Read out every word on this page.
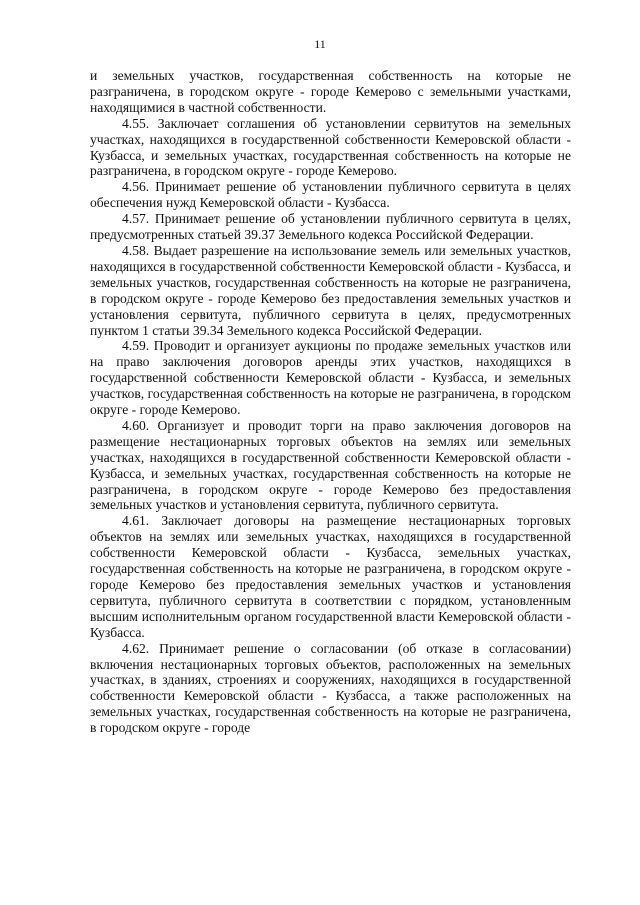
11

и земельных участков, государственная собственность на которые не разграничена, в городском округе - городе Кемерово с земельными участками, находящимися в частной собственности.

4.55. Заключает соглашения об установлении сервитутов на земельных участках, находящихся в государственной собственности Кемеровской области - Кузбасса, и земельных участках, государственная собственность на которые не разграничена, в городском округе - городе Кемерово.

4.56. Принимает решение об установлении публичного сервитута в целях обеспечения нужд Кемеровской области - Кузбасса.

4.57. Принимает решение об установлении публичного сервитута в целях, предусмотренных статьей 39.37 Земельного кодекса Российской Федерации.

4.58. Выдает разрешение на использование земель или земельных участков, находящихся в государственной собственности Кемеровской области - Кузбасса, и земельных участков, государственная собственность на которые не разграничена, в городском округе - городе Кемерово без предоставления земельных участков и установления сервитута, публичного сервитута в целях, предусмотренных пунктом 1 статьи 39.34 Земельного кодекса Российской Федерации.

4.59. Проводит и организует аукционы по продаже земельных участков или на право заключения договоров аренды этих участков, находящихся в государственной собственности Кемеровской области - Кузбасса, и земельных участков, государственная собственность на которые не разграничена, в городском округе - городе Кемерово.

4.60. Организует и проводит торги на право заключения договоров на размещение нестационарных торговых объектов на землях или земельных участках, находящихся в государственной собственности Кемеровской области - Кузбасса, и земельных участках, государственная собственность на которые не разграничена, в городском округе - городе Кемерово без предоставления земельных участков и установления сервитута, публичного сервитута.

4.61. Заключает договоры на размещение нестационарных торговых объектов на землях или земельных участках, находящихся в государственной собственности Кемеровской области - Кузбасса, земельных участках, государственная собственность на которые не разграничена, в городском округе - городе Кемерово без предоставления земельных участков и установления сервитута, публичного сервитута в соответствии с порядком, установленным высшим исполнительным органом государственной власти Кемеровской области - Кузбасса.

4.62. Принимает решение о согласовании (об отказе в согласовании) включения нестационарных торговых объектов, расположенных на земельных участках, в зданиях, строениях и сооружениях, находящихся в государственной собственности Кемеровской области - Кузбасса, а также расположенных на земельных участках, государственная собственность на которые не разграничена, в городском округе - городе
